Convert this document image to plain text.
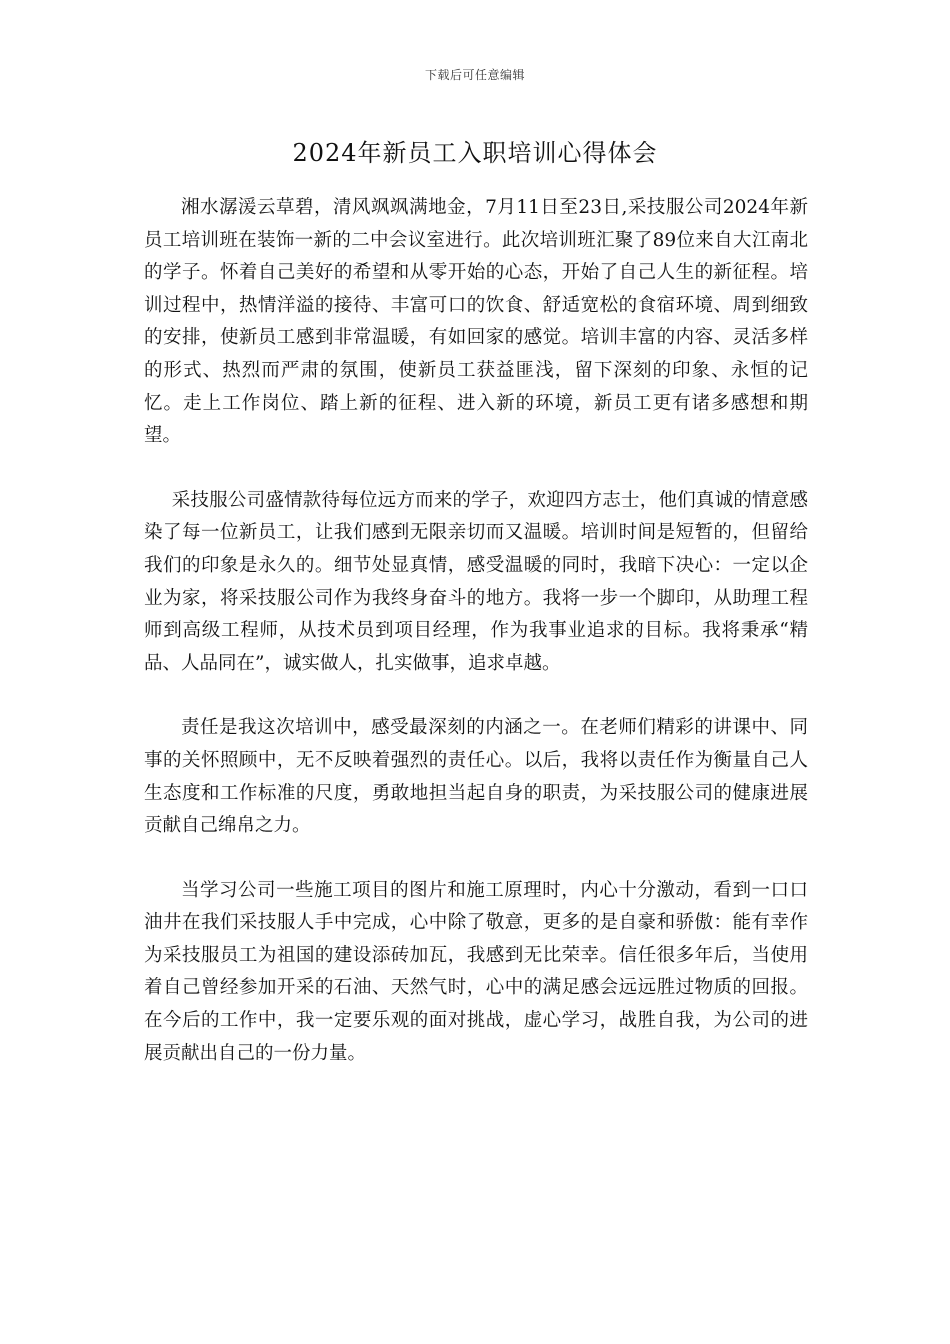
下载后可任意编辑
2024年新员工入职培训心得体会

湘水潺湲云草碧，清风飒飒满地金，7月11日至23日,采技服公司2024年新员工培训班在装饰一新的二中会议室进行。此次培训班汇聚了89位来自大江南北的学子。怀着自己美好的希望和从零开始的心态，开始了自己人生的新征程。培训过程中，热情洋溢的接待、丰富可口的饮食、舒适宽松的食宿环境、周到细致的安排，使新员工感到非常温暖，有如回家的感觉。培训丰富的内容、灵活多样的形式、热烈而严肃的氛围，使新员工获益匪浅，留下深刻的印象、永恒的记忆。走上工作岗位、踏上新的征程、进入新的环境，新员工更有诸多感想和期望。

采技服公司盛情款待每位远方而来的学子，欢迎四方志士，他们真诚的情意感染了每一位新员工，让我们感到无限亲切而又温暖。培训时间是短暂的，但留给我们的印象是永久的。细节处显真情，感受温暖的同时，我暗下决心：一定以企业为家，将采技服公司作为我终身奋斗的地方。我将一步一个脚印，从助理工程师到高级工程师，从技术员到项目经理，作为我事业追求的目标。我将秉承“精品、人品同在”，诚实做人，扎实做事，追求卓越。

责任是我这次培训中，感受最深刻的内涵之一。在老师们精彩的讲课中、同事的关怀照顾中，无不反映着强烈的责任心。以后，我将以责任作为衡量自己人生态度和工作标准的尺度，勇敢地担当起自身的职责，为采技服公司的健康进展贡献自己绵帛之力。

当学习公司一些施工项目的图片和施工原理时，内心十分激动，看到一口口油井在我们采技服人手中完成，心中除了敬意，更多的是自豪和骄傲：能有幸作为采技服员工为祖国的建设添砖加瓦，我感到无比荣幸。信任很多年后，当使用着自己曾经参加开采的石油、天然气时，心中的满足感会远远胜过物质的回报。在今后的工作中，我一定要乐观的面对挑战，虚心学习，战胜自我，为公司的进展贡献出自己的一份力量。
